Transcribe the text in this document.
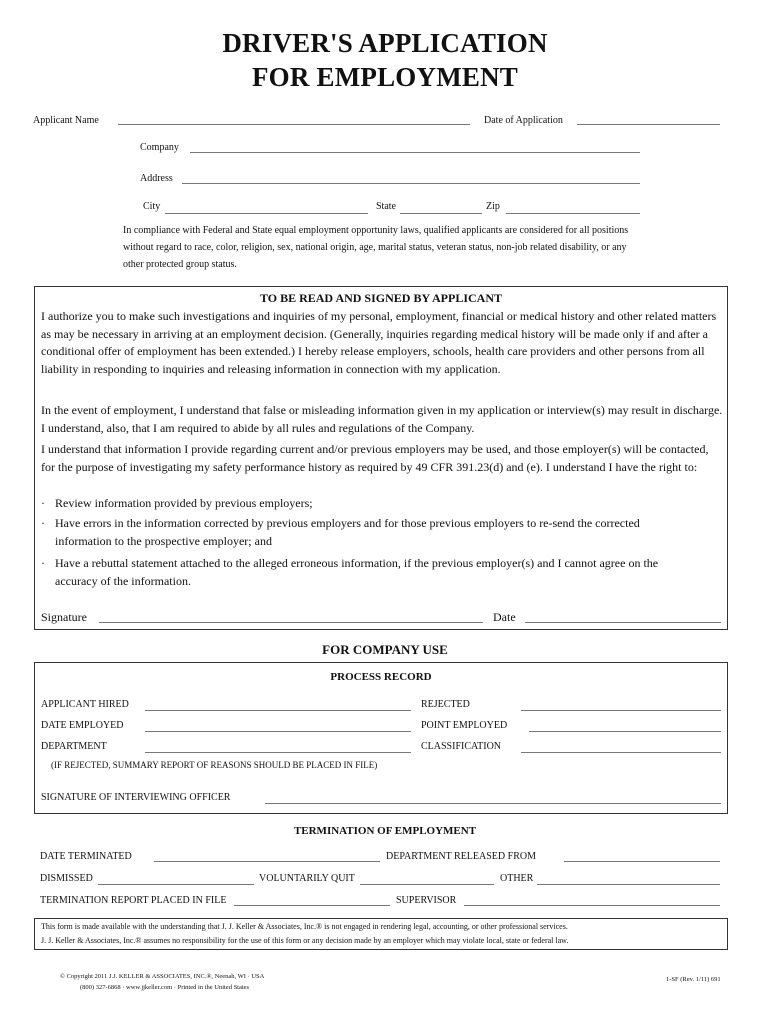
DRIVER'S APPLICATION
FOR EMPLOYMENT
Applicant Name	Date of Application
Company
Address
City	State	Zip
In compliance with Federal and State equal employment opportunity laws, qualified applicants are considered for all positions without regard to race, color, religion, sex, national origin, age, marital status, veteran status, non-job related disability, or any other protected group status.
TO BE READ AND SIGNED BY APPLICANT
I authorize you to make such investigations and inquiries of my personal, employment, financial or medical history and other related matters as may be necessary in arriving at an employment decision. (Generally, inquiries regarding medical history will be made only if and after a conditional offer of employment has been extended.) I hereby release employers, schools, health care providers and other persons from all liability in responding to inquiries and releasing information in connection with my application.
In the event of employment, I understand that false or misleading information given in my application or interview(s) may result in discharge. I understand, also, that I am required to abide by all rules and regulations of the Company.
I understand that information I provide regarding current and/or previous employers may be used, and those employer(s) will be contacted, for the purpose of investigating my safety performance history as required by 49 CFR 391.23(d) and (e). I understand I have the right to:
· Review information provided by previous employers;
· Have errors in the information corrected by previous employers and for those previous employers to re-send the corrected information to the prospective employer; and
· Have a rebuttal statement attached to the alleged erroneous information, if the previous employer(s) and I cannot agree on the accuracy of the information.
Signature	Date
FOR COMPANY USE
PROCESS RECORD
APPLICANT HIRED	REJECTED
DATE EMPLOYED	POINT EMPLOYED
DEPARTMENT	CLASSIFICATION
(IF REJECTED, SUMMARY REPORT OF REASONS SHOULD BE PLACED IN FILE)
SIGNATURE OF INTERVIEWING OFFICER
TERMINATION OF EMPLOYMENT
DATE TERMINATED	DEPARTMENT RELEASED FROM
DISMISSED	VOLUNTARILY QUIT	OTHER
TERMINATION REPORT PLACED IN FILE	SUPERVISOR
This form is made available with the understanding that J. J. Keller & Associates, Inc.® is not engaged in rendering legal, accounting, or other professional services.
J. J. Keller & Associates, Inc.® assumes no responsibility for the use of this form or any decision made by an employer which may violate local, state or federal law.
© Copyright 2011 J.J. KELLER & ASSOCIATES, INC.®, Neenah, WI · USA
(800) 327-6868 · www.jjkeller.com · Printed in the United States
1-SF (Rev. 1/11) 691
